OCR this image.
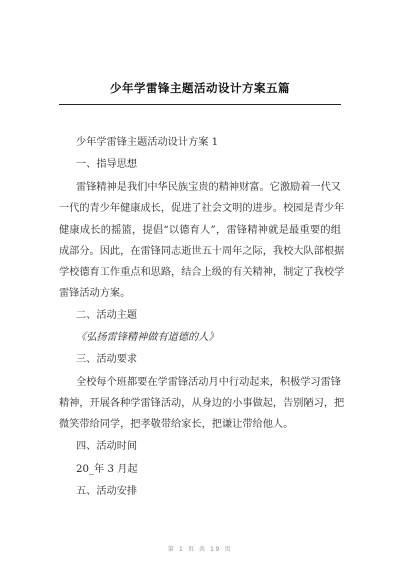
少年学雷锋主题活动设计方案五篇
少年学雷锋主题活动设计方案 1
一、指导思想
雷锋精神是我们中华民族宝贵的精神财富。它激励着一代又
一代的青少年健康成长，促进了社会文明的进步。校园是青少年
健康成长的摇篮，提倡“以德育人”，雷锋精神就是最重要的组
成部分。因此，在雷锋同志逝世五十周年之际，我校大队部根据
学校德育工作重点和思路，结合上级的有关精神，制定了我校学
雷锋活动方案。
二、活动主题
《弘扬雷锋精神做有道德的人》
三、活动要求
全校每个班都要在学雷锋活动月中行动起来，积极学习雷锋
精神，开展各种学雷锋活动，从身边的小事做起，告别陋习，把
微笑带给同学，把孝敬带给家长，把谦让带给他人。
四、活动时间
20_年 3 月起
五、活动安排
第 1 页 共 19 页
